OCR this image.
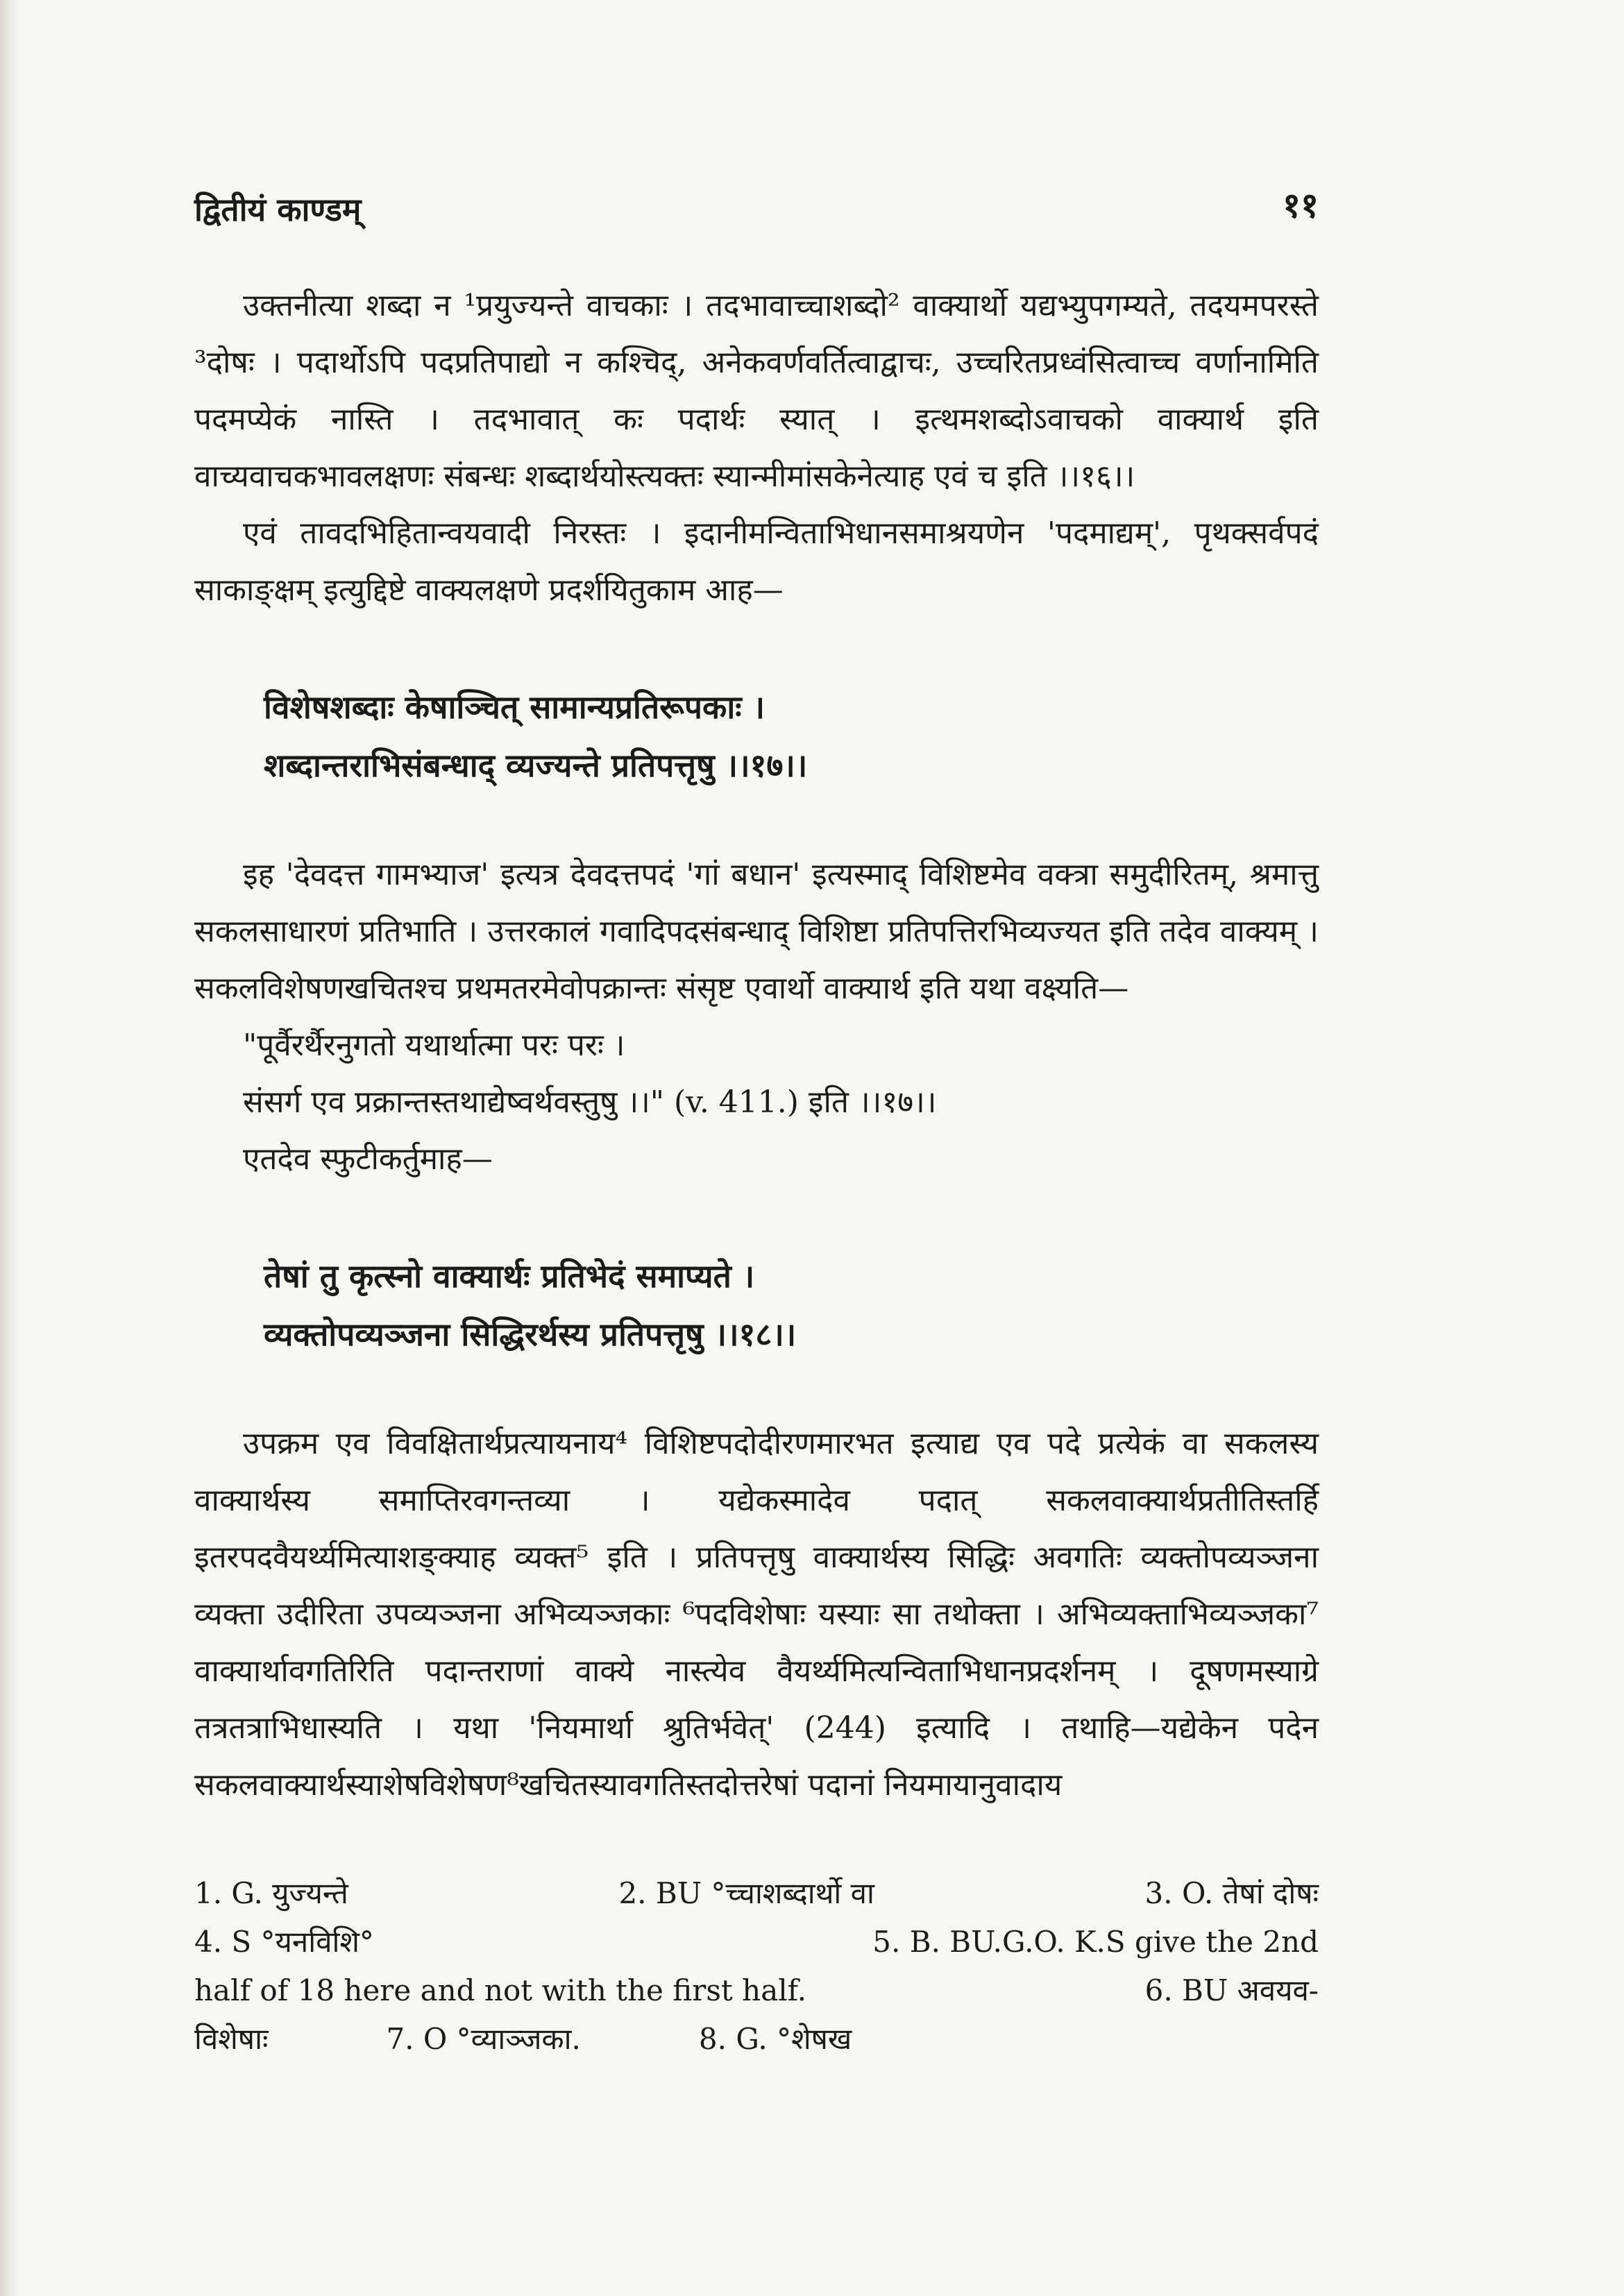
द्वितीयं काण्डम्	११

उक्तनीत्या शब्दा न ¹प्रयुज्यन्ते वाचकाः । तदभावाच्चाशब्दो² वाक्यार्थो यद्यभ्युपगम्यते, तदयमपरस्ते ³दोषः । पदार्थोऽपि पदप्रतिपाद्यो न कश्चिद्, अनेकवर्णवर्तित्वाद्वाचः, उच्चरितप्रध्वंसित्वाच्च वर्णानामिति पदमप्येकं नास्ति । तदभावात् कः पदार्थः स्यात् । इत्थमशब्दोऽवाचको वाक्यार्थ इति वाच्यवाचकभावलक्षणः संबन्धः शब्दार्थयोस्त्यक्तः स्यान्मीमांसकेनेत्याह एवं च इति ।।१६।।

एवं तावदभिहितान्वयवादी निरस्तः । इदानीमन्विताभिधानसमाश्रयणेन 'पदमाद्यम्', पृथक्सर्वपदं साकाङ्क्षम् इत्युद्दिष्टे वाक्यलक्षणे प्रदर्शयितुकाम आह—

विशेषशब्दाः केषाञ्चित् सामान्यप्रतिरूपकाः ।

शब्दान्तराभिसंबन्धाद् व्यज्यन्ते प्रतिपत्तृषु ।।१७।।

इह 'देवदत्त गामभ्याज' इत्यत्र देवदत्तपदं 'गां बधान' इत्यस्माद् विशिष्टमेव वक्त्रा समुदीरितम्, श्रमात्तु सकलसाधारणं प्रतिभाति । उत्तरकालं गवादिपदसंबन्धाद् विशिष्टा प्रतिपत्तिरभिव्यज्यत इति तदेव वाक्यम् । सकलविशेषणखचितश्च प्रथमतरमेवोपक्रान्तः संसृष्ट एवार्थो वाक्यार्थ इति यथा वक्ष्यति—

"पूर्वैरर्थैरनुगतो यथार्थात्मा परः परः ।

संसर्ग एव प्रक्रान्तस्तथाद्येष्वर्थवस्तुषु ।।" (v. 411.) इति ।।१७।।

एतदेव स्फुटीकर्तुमाह—

तेषां तु कृत्स्नो वाक्यार्थः प्रतिभेदं समाप्यते ।

व्यक्तोपव्यञ्जना सिद्धिरर्थस्य प्रतिपत्तृषु ।।१८।।

उपक्रम एव विवक्षितार्थप्रत्यायनाय⁴ विशिष्टपदोदीरणमारभत इत्याद्य एव पदे प्रत्येकं वा सकलस्य वाक्यार्थस्य समाप्तिरवगन्तव्या । यद्येकस्मादेव पदात् सकलवाक्यार्थप्रतीतिस्तर्हि इतरपदवैयर्थ्यमित्याशङ्क्याह व्यक्त⁵ इति । प्रतिपत्तृषु वाक्यार्थस्य सिद्धिः अवगतिः व्यक्तोपव्यञ्जना व्यक्ता उदीरिता उपव्यञ्जना अभिव्यञ्जकाः ⁶पदविशेषाः यस्याः सा तथोक्ता । अभिव्यक्ताभिव्यञ्जका⁷ वाक्यार्थावगतिरिति पदान्तराणां वाक्ये नास्त्येव वैयर्थ्यमित्यन्विताभिधानप्रदर्शनम् । दूषणमस्याग्रे तत्रतत्राभिधास्यति । यथा 'नियमार्था श्रुतिर्भवेत्' (244) इत्यादि । तथाहि—यद्येकेन पदेन सकलवाक्यार्थस्याशेषविशेषण⁸खचितस्यावगतिस्तदोत्तरेषां पदानां नियमायानुवादाय

1. G. युज्यन्ते	2. BU °च्चाशब्दार्थो वा	3. O. तेषां दोषः
4. S °यनविशि°	5. B. BU.G.O. K.S give the 2nd
half of 18 here and not with the first half.	6. BU अवयव-
विशेषाः	7. O °व्याञ्जका.	8. G. °शेषख
